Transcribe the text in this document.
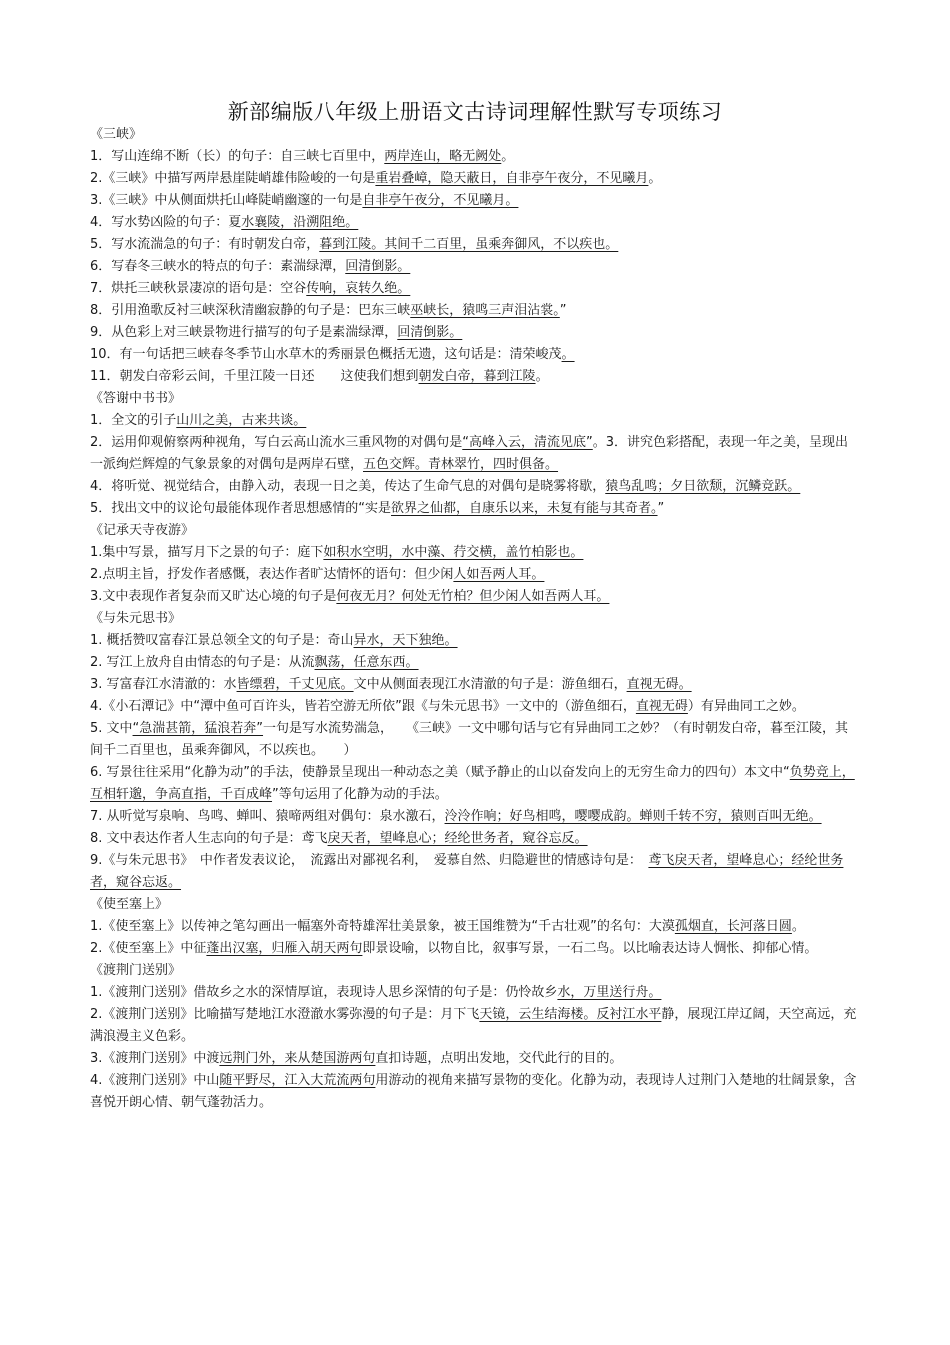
新部编版八年级上册语文古诗词理解性默写专项练习
《三峡》
1．写山连绵不断（长）的句子：自三峡七百里中，两岸连山，略无阙处。
2.《三峡》中描写两岸悬崖陡峭雄伟险峻的一句是重岩叠嶂，隐天蔽日，自非亭午夜分，不见曦月。
3.《三峡》中从侧面烘托山峰陡峭幽邃的一句是自非亭午夜分，不见曦月。
4．写水势凶险的句子：夏水襄陵，沿溯阻绝。
5．写水流湍急的句子：有时朝发白帝，暮到江陵。其间千二百里，虽乘奔御风，不以疾也。
6．写春冬三峡水的特点的句子：素湍绿潭，回清倒影。
7．烘托三峡秋景凄凉的语句是：空谷传响，哀转久绝。
8．引用渔歌反衬三峡深秋清幽寂静的句子是：巴东三峡巫峡长，猿鸣三声泪沾裳。”
9．从色彩上对三峡景物进行描写的句子是素湍绿潭，回清倒影。
10．有一句话把三峡春冬季节山水草木的秀丽景色概括无遗，这句话是：清荣峻茂。
11．朝发白帝彩云间，千里江陵一日还　　这使我们想到朝发白帝，暮到江陵。
《答谢中书书》
1．全文的引子山川之美，古来共谈。
2．运用仰观俯察两种视角，写白云高山流水三重风物的对偶句是“高峰入云，清流见底”。3．讲究色彩搭配，表现一年之美，呈现出一派绚烂辉煌的气象景象的对偶句是两岸石壁，五色交辉。青林翠竹，四时俱备。
4．将听觉、视觉结合，由静入动，表现一日之美，传达了生命气息的对偶句是晓雾将歇，猿鸟乱鸣；夕日欲颓，沉鳞竞跃。
5．找出文中的议论句最能体现作者思想感情的“实是欲界之仙都，自康乐以来，未复有能与其奇者。”
《记承天寺夜游》
1.集中写景，描写月下之景的句子：庭下如积水空明，水中藻、荇交横，盖竹柏影也。
2.点明主旨，抒发作者感慨，表达作者旷达情怀的语句：但少闲人如吾两人耳。
3.文中表现作者复杂而又旷达心境的句子是何夜无月？何处无竹柏？但少闲人如吾两人耳。
《与朱元思书》
1. 概括赞叹富春江景总领全文的句子是：奇山异水，天下独绝。
2. 写江上放舟自由情态的句子是：从流飘荡，任意东西。
3. 写富春江水清澈的：水皆缥碧，千丈见底。文中从侧面表现江水清澈的句子是：游鱼细石，直视无碍。
4.《小石潭记》中“潭中鱼可百许头，皆若空游无所依”跟《与朱元思书》一文中的（游鱼细石，直视无碍）有异曲同工之妙。
5. 文中“急湍甚箭，猛浪若奔”一句是写水流势湍急，　　《三峡》一文中哪句话与它有异曲同工之妙？（有时朝发白帝，暮至江陵，其间千二百里也，虽乘奔御风，不以疾也。　　）
6. 写景往往采用“化静为动”的手法，使静景呈现出一种动态之美（赋予静止的山以奋发向上的无穷生命力的四句）本文中“负势竞上，互相轩邈，争高直指，千百成峰”等句运用了化静为动的手法。
7. 从听觉写泉响、鸟鸣、蝉叫、猿啼两组对偶句：泉水激石，泠泠作响；好鸟相鸣，嘤嘤成韵。蝉则千转不穷，猿则百叫无绝。
8. 文中表达作者人生志向的句子是：鸢飞戾天者，望峰息心；经纶世务者，窥谷忘反。
9.《与朱元思书》　中作者发表议论，　流露出对鄙视名利，　爱慕自然、归隐避世的情感诗句是：　鸢飞戾天者，望峰息心；经纶世务者，窥谷忘返。
《使至塞上》
1.《使至塞上》以传神之笔勾画出一幅塞外奇特雄浑壮美景象，被王国维赞为“千古壮观”的名句：大漠孤烟直，长河落日圆。
2.《使至塞上》中征蓬出汉塞，归雁入胡天两句即景设喻，以物自比，叙事写景，一石二鸟。以比喻表达诗人惆怅、抑郁心情。
《渡荆门送别》
1.《渡荆门送别》借故乡之水的深情厚谊，表现诗人思乡深情的句子是：仍怜故乡水，万里送行舟。
2.《渡荆门送别》比喻描写楚地江水澄澈水雾弥漫的句子是：月下飞天镜，云生结海楼。反衬江水平静，展现江岸辽阔，天空高远，充满浪漫主义色彩。
3.《渡荆门送别》中渡远荆门外，来从楚国游两句直扣诗题，点明出发地，交代此行的目的。
4.《渡荆门送别》中山随平野尽，江入大荒流两句用游动的视角来描写景物的变化。化静为动，表现诗人过荆门入楚地的壮阔景象，含喜悦开朗心情、朝气蓬勃活力。
